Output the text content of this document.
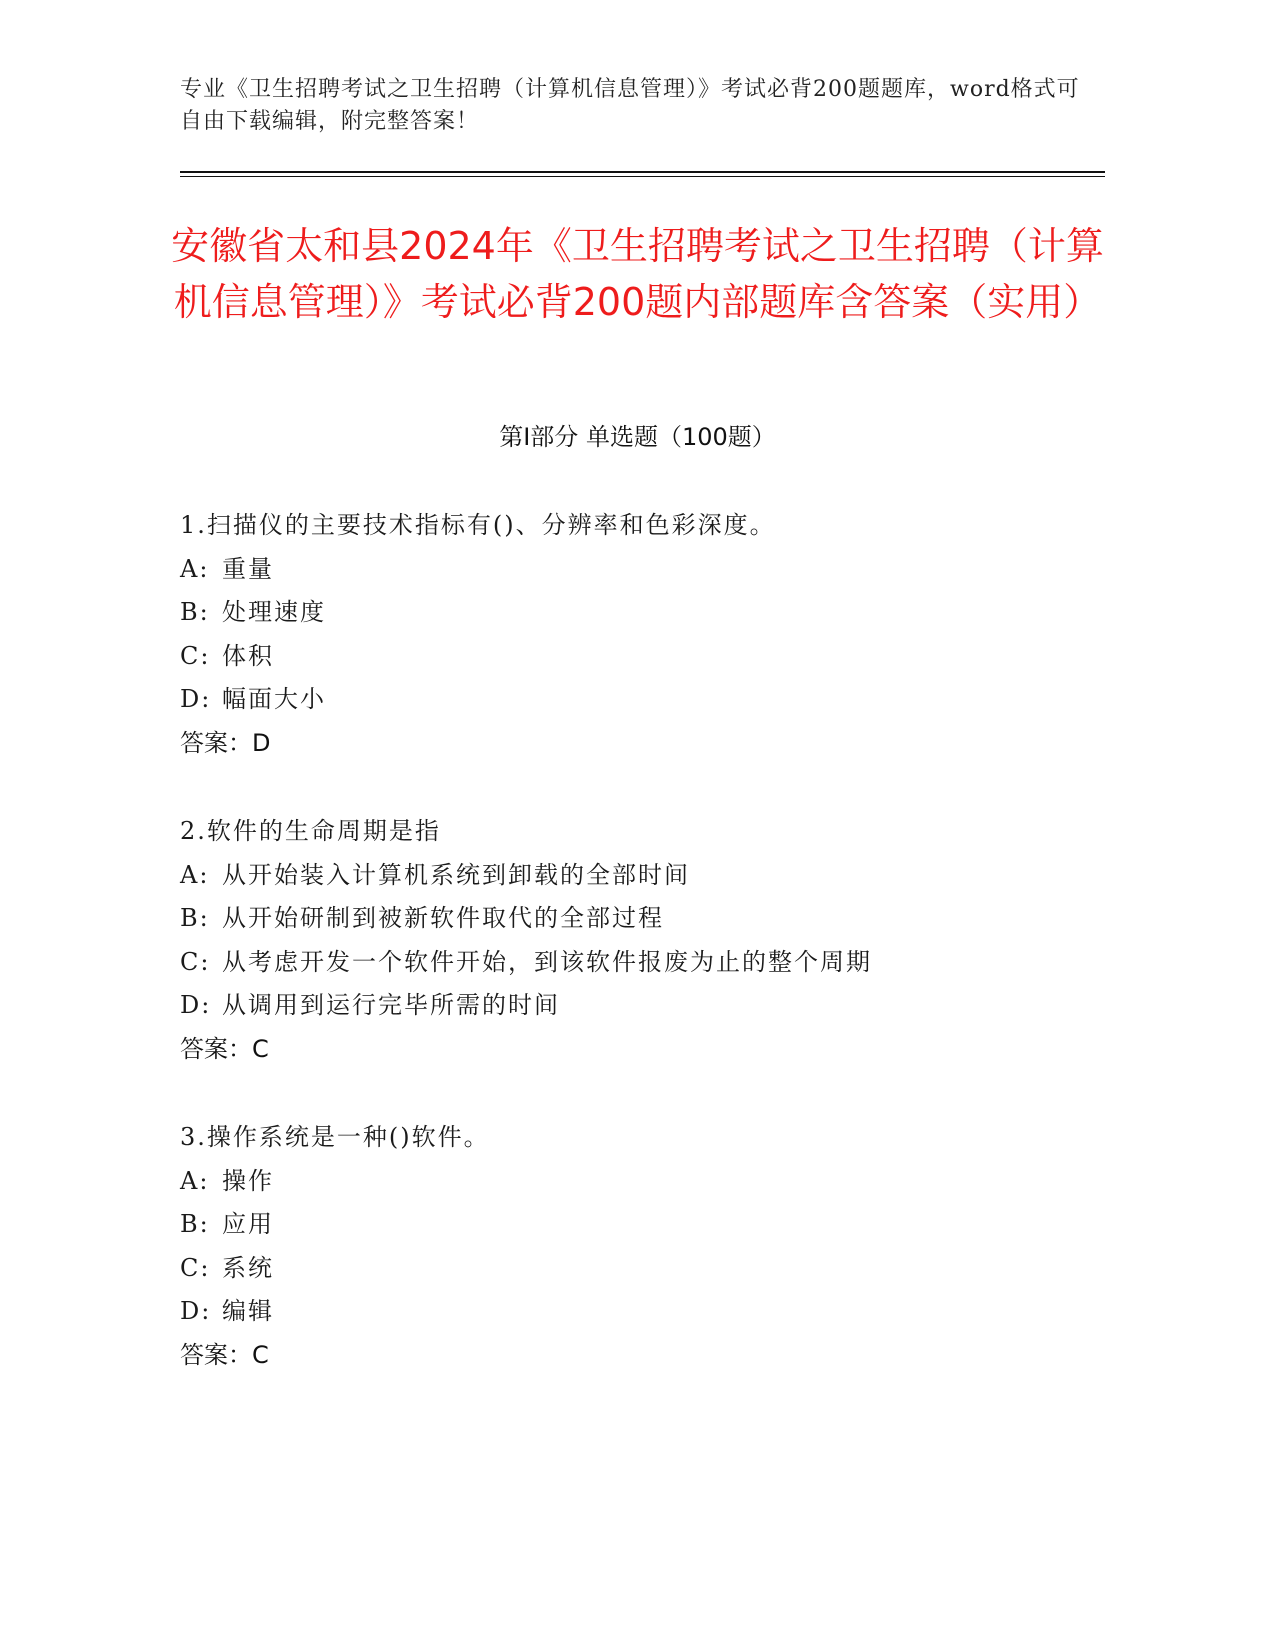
专业《卫生招聘考试之卫生招聘（计算机信息管理）》考试必背200题题库，word格式可自由下载编辑，附完整答案！
安徽省太和县2024年《卫生招聘考试之卫生招聘（计算机信息管理）》考试必背200题内部题库含答案（实用）
第Ⅰ部分 单选题（100题）
1.扫描仪的主要技术指标有()、分辨率和色彩深度。
A: 重量
B: 处理速度
C: 体积
D: 幅面大小
答案：D
2.软件的生命周期是指
A: 从开始装入计算机系统到卸载的全部时间
B: 从开始研制到被新软件取代的全部过程
C: 从考虑开发一个软件开始，到该软件报废为止的整个周期
D: 从调用到运行完毕所需的时间
答案：C
3.操作系统是一种()软件。
A: 操作
B: 应用
C: 系统
D: 编辑
答案：C
